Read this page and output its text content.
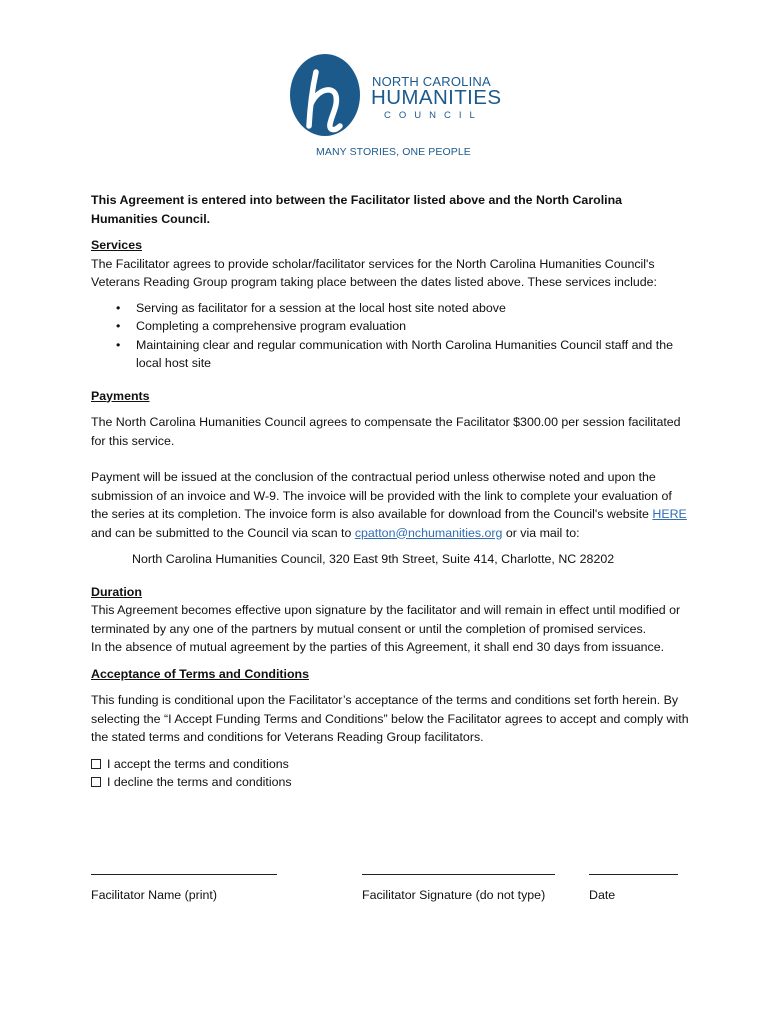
NORTH CAROLINA
HUMANITIES
COUNCIL
MANY STORIES, ONE PEOPLE

This Agreement is entered into between the Facilitator listed above and the North Carolina Humanities Council.

Services

The Facilitator agrees to provide scholar/facilitator services for the North Carolina Humanities Council's Veterans Reading Group program taking place between the dates listed above. These services include:

• Serving as facilitator for a session at the local host site noted above
• Completing a comprehensive program evaluation
• Maintaining clear and regular communication with North Carolina Humanities Council staff and the local host site

Payments

The North Carolina Humanities Council agrees to compensate the Facilitator $300.00 per session facilitated for this service.

Payment will be issued at the conclusion of the contractual period unless otherwise noted and upon the submission of an invoice and W-9. The invoice will be provided with the link to complete your evaluation of the series at its completion. The invoice form is also available for download from the Council's website HERE and can be submitted to the Council via scan to cpatton@nchumanities.org or via mail to:

North Carolina Humanities Council, 320 East 9th Street, Suite 414, Charlotte, NC 28202

Duration

This Agreement becomes effective upon signature by the facilitator and will remain in effect until modified or terminated by any one of the partners by mutual consent or until the completion of promised services.

In the absence of mutual agreement by the parties of this Agreement, it shall end 30 days from issuance.

Acceptance of Terms and Conditions

This funding is conditional upon the Facilitator’s acceptance of the terms and conditions set forth herein. By selecting the “I Accept Funding Terms and Conditions” below the Facilitator agrees to accept and comply with the stated terms and conditions for Veterans Reading Group facilitators.

I accept the terms and conditions
I decline the terms and conditions
Facilitator Name (print)	Facilitator Signature (do not type)	Date
